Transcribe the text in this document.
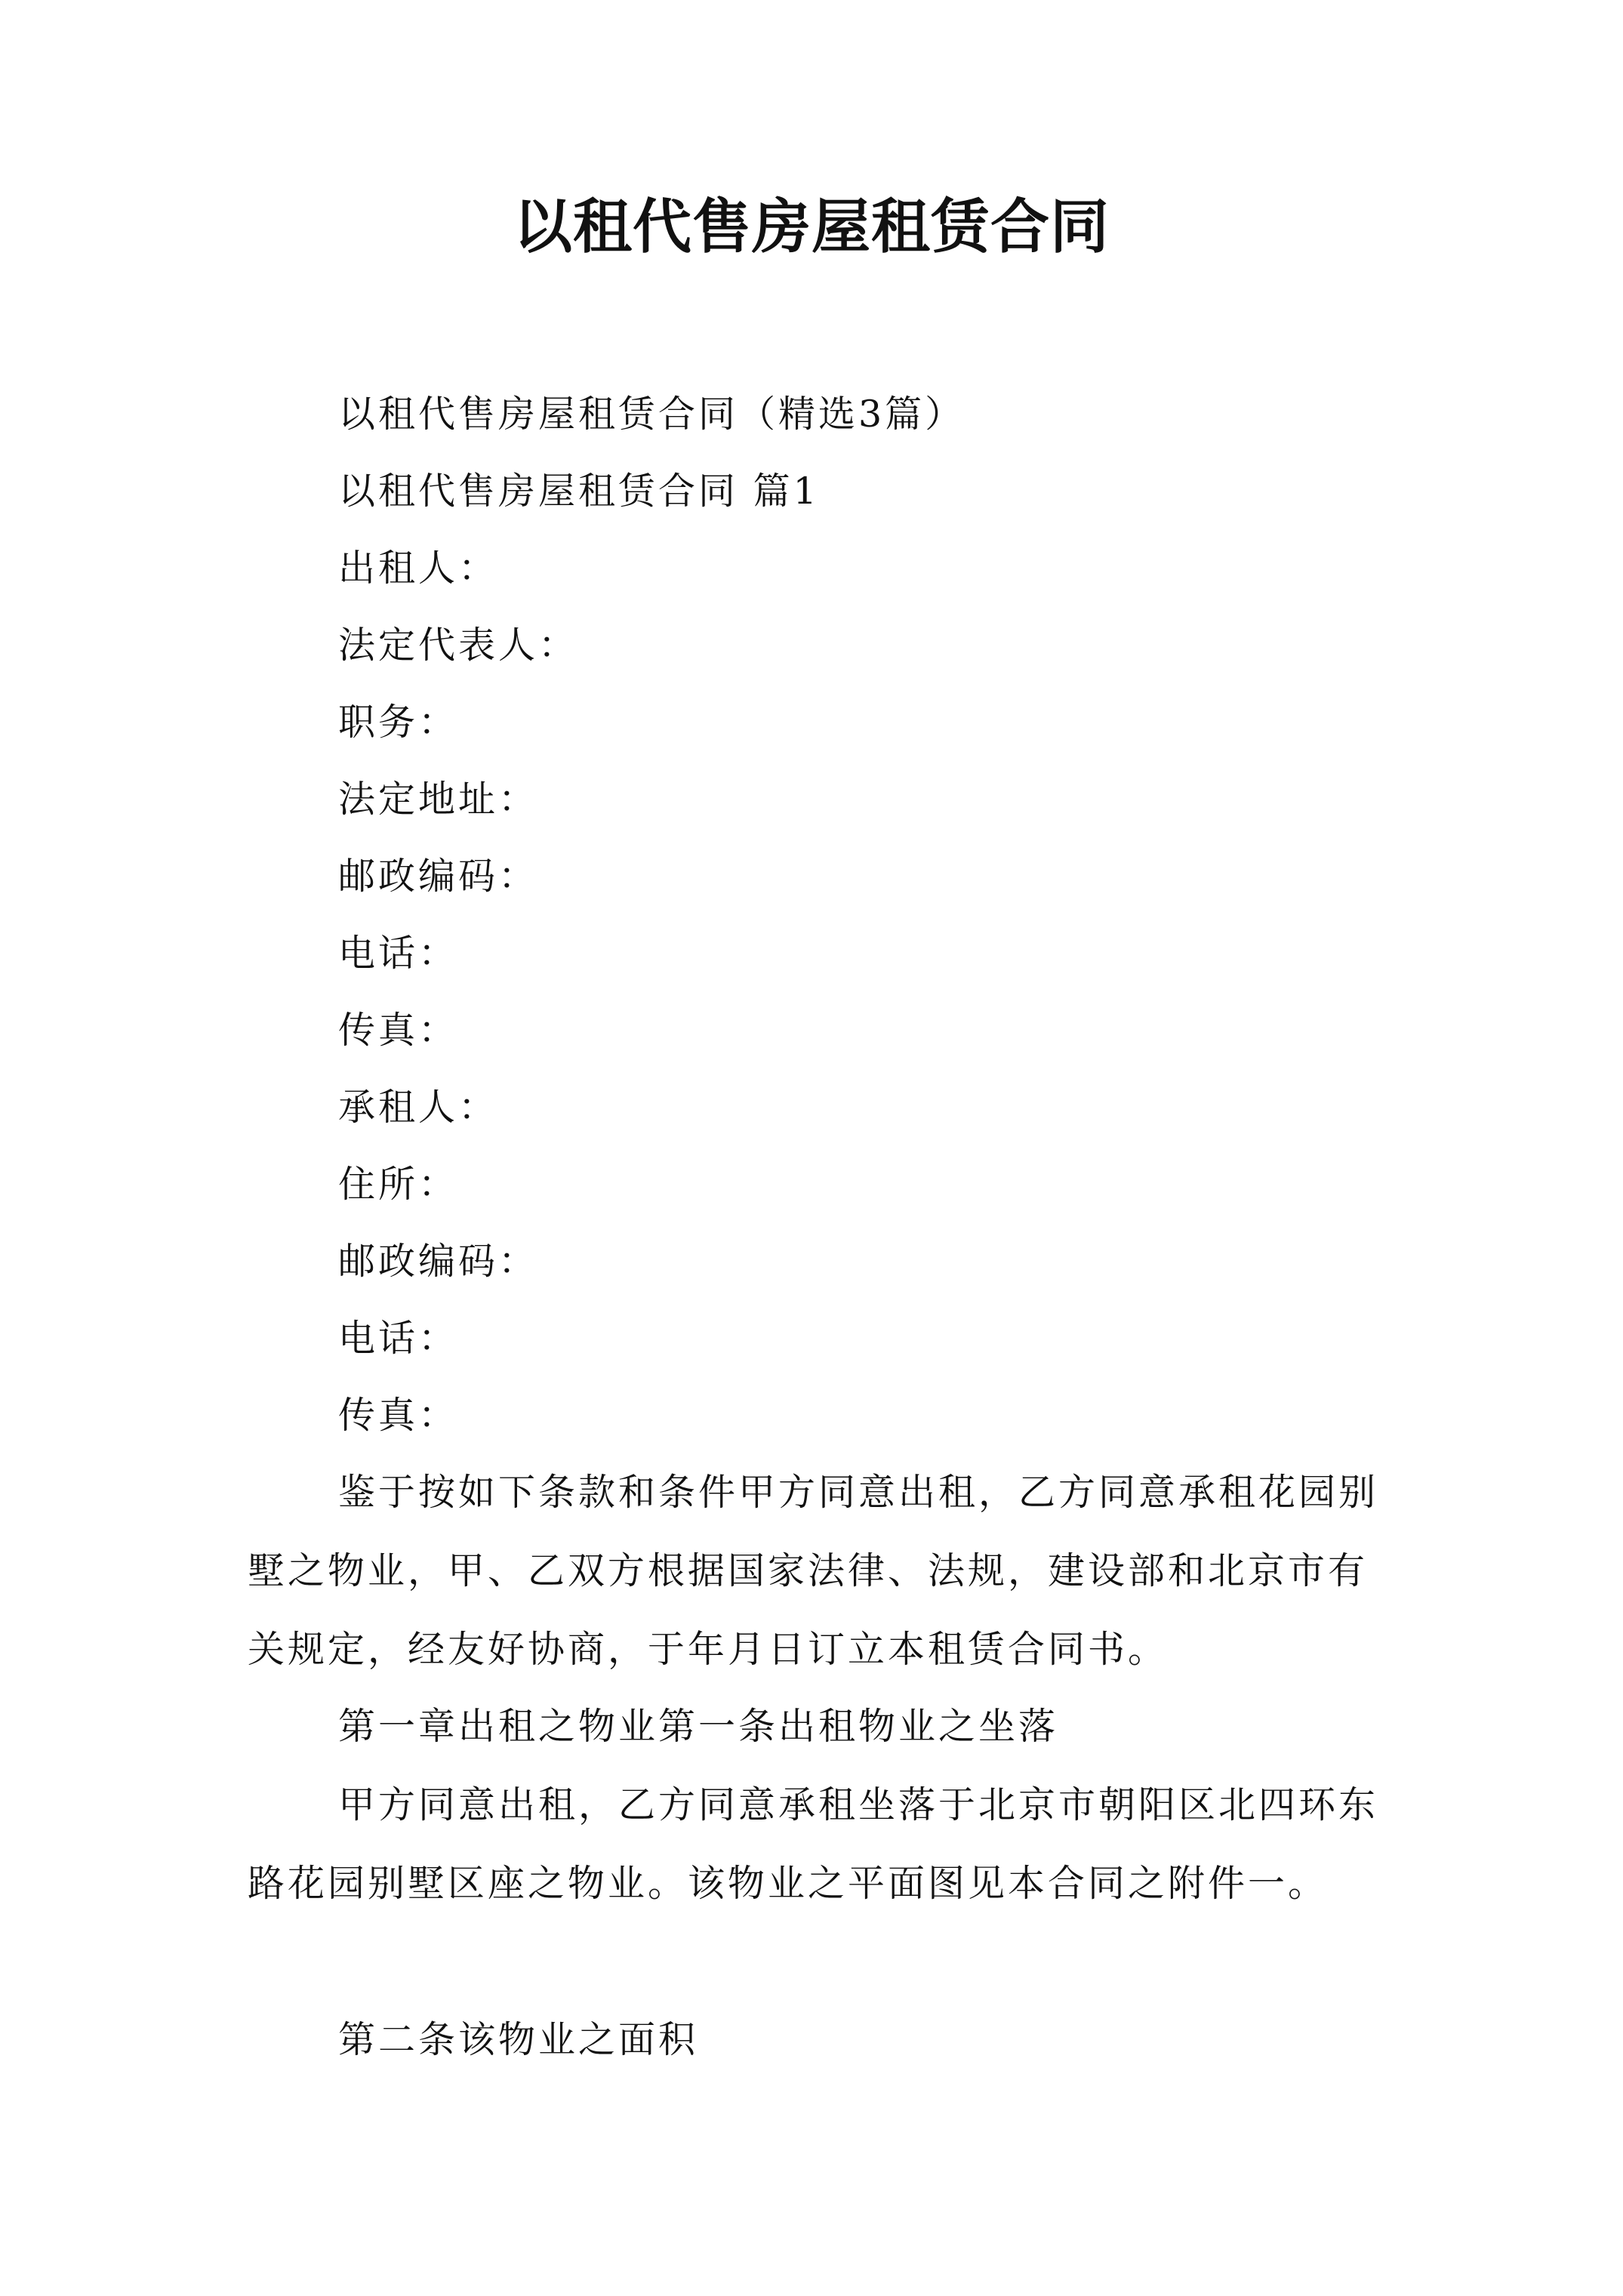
以租代售房屋租赁合同
以租代售房屋租赁合同（精选3篇）
以租代售房屋租赁合同 篇1
出租人：
法定代表人：
职务：
法定地址：
邮政编码：
电话：
传真：
承租人：
住所：
邮政编码：
电话：
传真：
鉴于按如下条款和条件甲方同意出租，乙方同意承租花园别墅之物业，甲、乙双方根据国家法律、法规，建设部和北京市有关规定，经友好协商，于年月日订立本租赁合同书。
第一章出租之物业第一条出租物业之坐落
甲方同意出租，乙方同意承租坐落于北京市朝阳区北四环东路花园别墅区座之物业。该物业之平面图见本合同之附件一。
第二条该物业之面积
